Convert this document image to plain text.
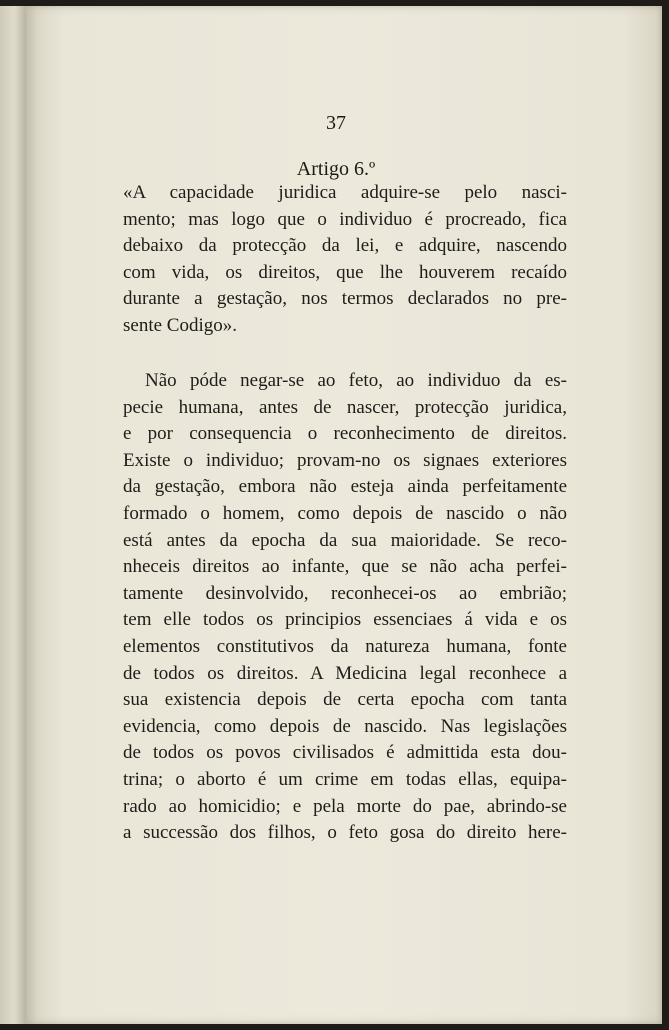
37
Artigo 6.º

«A capacidade juridica adquire-se pelo nasci-
mento; mas logo que o individuo é procreado, fica
debaixo da protecção da lei, e adquire, nascendo
com vida, os direitos, que lhe houverem recaído
durante a gestação, nos termos declarados no pre-
sente Codigo».

Não póde negar-se ao feto, ao individuo da es-
pecie humana, antes de nascer, protecção juridica,
e por consequencia o reconhecimento de direitos.
Existe o individuo; provam-no os signaes exteriores
da gestação, embora não esteja ainda perfeitamente
formado o homem, como depois de nascido o não
está antes da epocha da sua maioridade. Se reco-
nheceis direitos ao infante, que se não acha perfei-
tamente desinvolvido, reconhecei-os ao embrião;
tem elle todos os principios essenciaes á vida e os
elementos constitutivos da natureza humana, fonte
de todos os direitos. A Medicina legal reconhece a
sua existencia depois de certa epocha com tanta
evidencia, como depois de nascido. Nas legislações
de todos os povos civilisados é admittida esta dou-
trina; o aborto é um crime em todas ellas, equipa-
rado ao homicidio; e pela morte do pae, abrindo-se
a successão dos filhos, o feto gosa do direito here-
